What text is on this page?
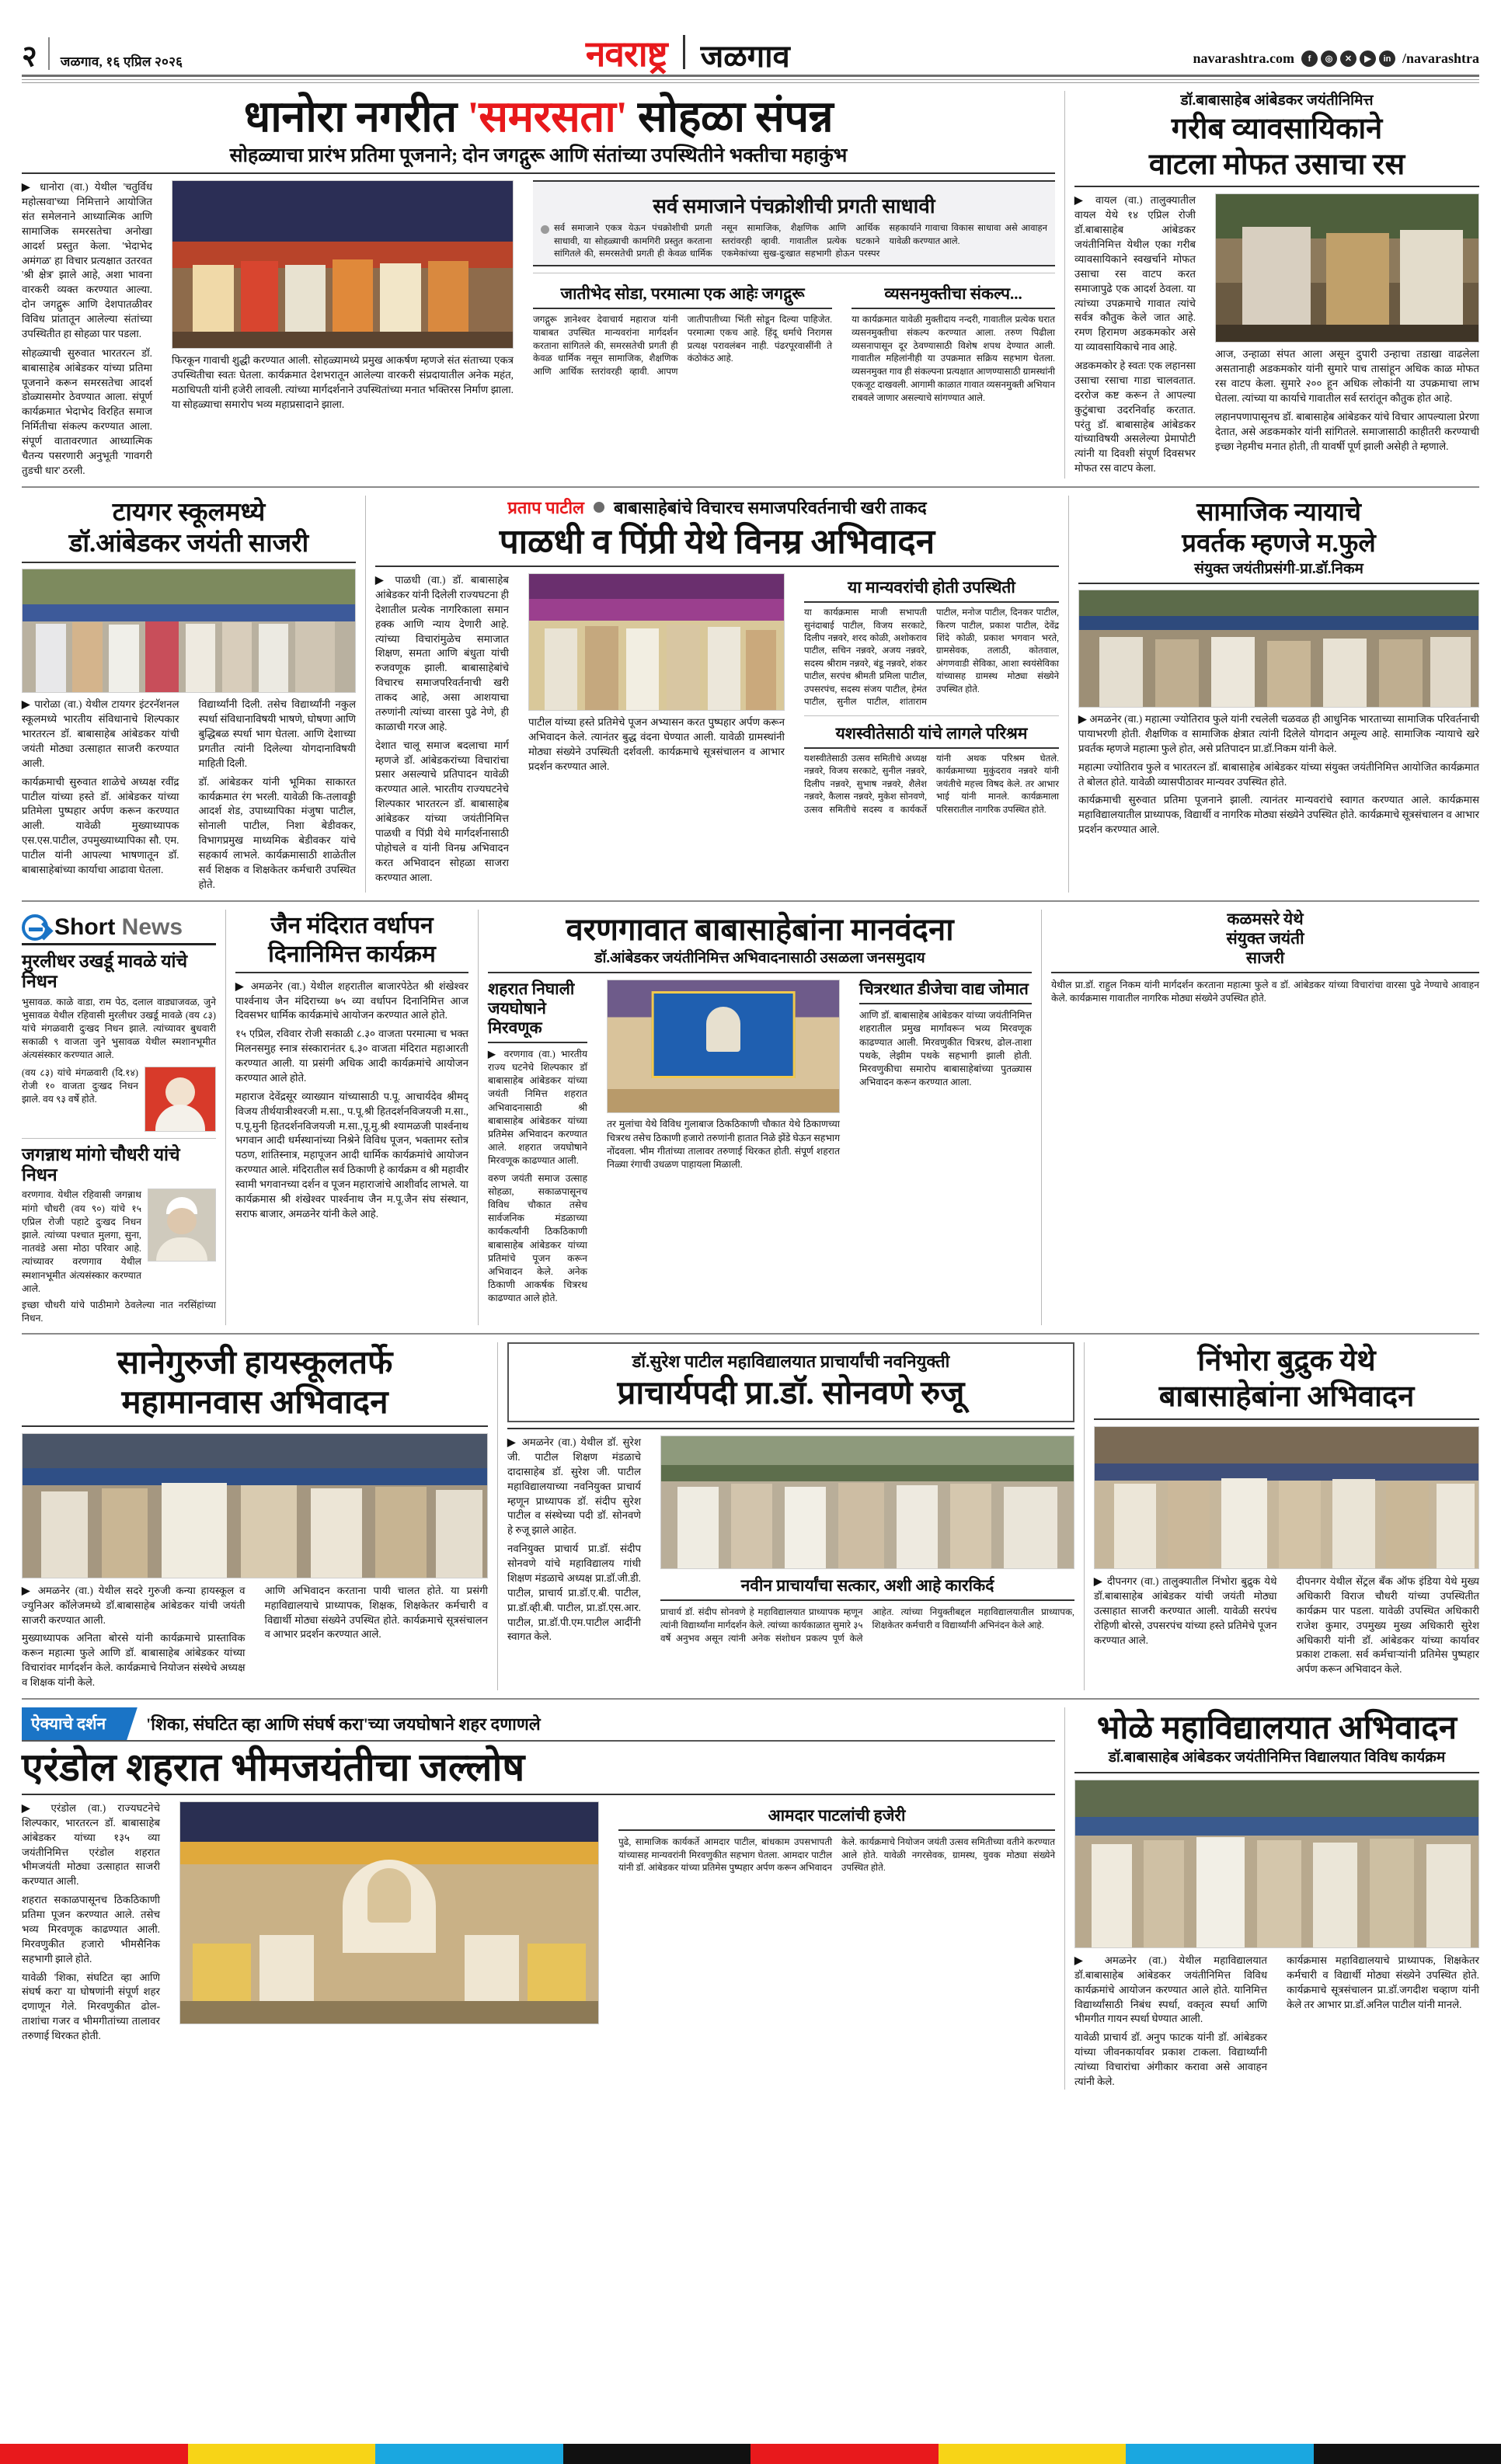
२ जळगाव, १६ एप्रिल २०२६	नवराष्ट्र जळगाव	navarashtra.com	f	◎	✕	▶	in /navarashtra
धानोरा नगरीत 'समरसता' सोहळा संपन्न
सोहळ्याचा प्रारंभ प्रतिमा पूजनाने; दोन जगद्गुरू आणि संतांच्या उपस्थितीने भक्तीचा महाकुंभ
▶ धानोरा (वा.) येथील 'चतुर्विध महोत्सवा'च्या निमित्ताने आयोजित संत समेलनाने आध्यात्मिक आणि सामाजिक समरसतेचा अनोखा आदर्श प्रस्तुत केला. 'भेदाभेद अमंगळ' हा विचार प्रत्यक्षात उतरवत 'श्री क्षेत्र' झाले आहे, अशा भावना वारकरी व्यक्त करण्यात आल्या. दोन जगद्गुरू आणि देशपातळीवर विविध प्रांतातून आलेल्या संतांच्या उपस्थितीत हा सोहळा पार पडला.
सोहळ्याची सुरुवात भारतरत्न डॉ. बाबासाहेब आंबेडकर यांच्या प्रतिमा पूजनाने करून समरसतेचा आदर्श डोळ्यासमोर ठेवण्यात आला. संपूर्ण कार्यक्रमात भेदाभेद विरहित समाज निर्मितीचा संकल्प करण्यात आला. संपूर्ण वातावरणात आध्यात्मिक चैतन्य पसरणारी अनुभूती 'गावगरी तुडची धार' ठरली.
फिरकून गावाची शुद्धी करण्यात आली. सोहळ्यामध्ये प्रमुख आकर्षण म्हणजे संत संताच्या एकत्र उपस्थितीचा स्वतः घेतला. कार्यक्रमात देशभरातून आलेल्या वारकरी संप्रदायातील अनेक महंत, मठाधिपती यांनी हजेरी लावली. त्यांच्या मार्गदर्शनाने उपस्थितांच्या मनात भक्तिरस निर्माण झाला. या सोहळ्याचा समारोप भव्य महाप्रसादाने झाला.
सर्व समाजाने पंचक्रोशीची प्रगती साधावी
सर्व समाजाने एकत्र येऊन पंचक्रोशीची प्रगती साधावी, या सोहळ्याची कामगिरी प्रस्तुत करताना सांगितले की, समरसतेची प्रगती ही केवळ धार्मिक नसून सामाजिक, शैक्षणिक आणि आर्थिक स्तरांवरही व्हावी. गावातील प्रत्येक घटकाने एकमेकांच्या सुख-दुःखात सहभागी होऊन परस्पर सहकार्याने गावाचा विकास साधावा असे आवाहन यावेळी करण्यात आले.
जातीभेद सोडा, परमात्मा एक आहेः जगद्गुरू
जगद्गुरू ज्ञानेश्वर देवाचार्य महाराज यांनी याबाबत उपस्थित मान्यवरांना मार्गदर्शन करताना सांगितले की, समरसतेची प्रगती ही केवळ धार्मिक नसून सामाजिक, शैक्षणिक आणि आर्थिक स्तरांवरही व्हावी. आपण जातीपातीच्या भिंती सोडून दिल्या पाहिजेत. परमात्मा एकच आहे. हिंदू धर्माचे निरागस प्रत्यक्ष परावलंबन नाही. पंढरपूरवासींनी ते कंठोकंठ आहे.
व्यसनमुक्तीचा संकल्प...
या कार्यक्रमात यावेळी मुक्तीदाय नन्दरी, गावातील प्रत्येक घरात व्यसनमुक्तीचा संकल्प करण्यात आला. तरुण पिढीला व्यसनापासून दूर ठेवण्यासाठी विशेष शपथ देण्यात आली. गावातील महिलांनीही या उपक्रमात सक्रिय सहभाग घेतला. व्यसनमुक्त गाव ही संकल्पना प्रत्यक्षात आणण्यासाठी ग्रामस्थांनी एकजूट दाखवली. आगामी काळात गावात व्यसनमुक्ती अभियान राबवले जाणार असल्याचे सांगण्यात आले.
डॉ.बाबासाहेब आंबेडकर जयंतीनिमित्त
गरीब व्यावसायिकाने
वाटला मोफत उसाचा रस
▶ वायल (वा.) तालुक्यातील वायल येथे १४ एप्रिल रोजी डॉ.बाबासाहेब आंबेडकर जयंतीनिमित्त येथील एका गरीब व्यावसायिकाने स्वखर्चाने मोफत उसाचा रस वाटप करत समाजापुढे एक आदर्श ठेवला. या त्यांच्या उपक्रमाचे गावात त्यांचे सर्वत्र कौतुक केले जात आहे. रमण हिरामण अडकमकोर असे या व्यावसायिकाचे नाव आहे.
अडकमकोर हे स्वतः एक लहानसा उसाचा रसाचा गाडा चालवतात. दररोज कष्ट करून ते आपल्या कुटुंबाचा उदरनिर्वाह करतात. परंतु डॉ. बाबासाहेब आंबेडकर यांच्याविषयी असलेल्या प्रेमापोटी त्यांनी या दिवशी संपूर्ण दिवसभर मोफत रस वाटप केला.
आज, उन्हाळा संपत आला असून दुपारी उन्हाचा तडाखा वाढलेला असतानाही अडकमकोर यांनी सुमारे पाच तासांहून अधिक काळ मोफत रस वाटप केला. सुमारे २०० हून अधिक लोकांनी या उपक्रमाचा लाभ घेतला. त्यांच्या या कार्याचे गावातील सर्व स्तरांतून कौतुक होत आहे.
लहानपणापासूनच डॉ. बाबासाहेब आंबेडकर यांचे विचार आपल्याला प्रेरणा देतात, असे अडकमकोर यांनी सांगितले. समाजासाठी काहीतरी करण्याची इच्छा नेहमीच मनात होती, ती यावर्षी पूर्ण झाली असेही ते म्हणाले.
टायगर स्कूलमध्ये
डॉ.आंबेडकर जयंती साजरी
▶ पारोळा (वा.) येथील टायगर इंटरनॅशनल स्कूलमध्ये भारतीय संविधानाचे शिल्पकार भारतरत्न डॉ. बाबासाहेब आंबेडकर यांची जयंती मोठ्या उत्साहात साजरी करण्यात आली.
कार्यक्रमाची सुरुवात शाळेचे अध्यक्ष रवींद्र पाटील यांच्या हस्ते डॉ. आंबेडकर यांच्या प्रतिमेला पुष्पहार अर्पण करून करण्यात आली. यावेळी मुख्याध्यापक एस.एस.पाटील, उपमुख्याध्यापिका सौ. एम. पाटील यांनी आपल्या भाषणातून डॉ. बाबासाहेबांच्या कार्याचा आढावा घेतला.
विद्यार्थ्यांनी दिली. तसेच विद्यार्थ्यांनी नकुल स्पर्धा संविधानाविषयी भाषणे, घोषणा आणि बुद्धिबळ स्पर्धा भाग घेतला. आणि देशाच्या प्रगतीत त्यांनी दिलेल्या योगदानाविषयी माहिती दिली.
डॉ. आंबेडकर यांनी भूमिका साकारत कार्यक्रमात रंग भरली. यावेळी कि-तलावड्डी आदर्श शेड, उपाध्यापिका मंजुषा पाटील, सोनाली पाटील, निशा बेडीवकर, विभागप्रमुख माध्यमिक बेडीवकर यांचे सहकार्य लाभले. कार्यक्रमासाठी शाळेतील सर्व शिक्षक व शिक्षकेतर कर्मचारी उपस्थित होते.
प्रताप पाटील बाबासाहेबांचे विचारच समाजपरिवर्तनाची खरी ताकद
पाळधी व पिंप्री येथे विनम्र अभिवादन
▶ पाळधी (वा.) डॉ. बाबासाहेब आंबेडकर यांनी दिलेली राज्यघटना ही देशातील प्रत्येक नागरिकाला समान हक्क आणि न्याय देणारी आहे. त्यांच्या विचारांमुळेच समाजात शिक्षण, समता आणि बंधुता यांची रुजवणूक झाली. बाबासाहेबांचे विचारच समाजपरिवर्तनाची खरी ताकद आहे, असा आशयाचा तरुणांनी त्यांच्या वारसा पुढे नेणे, ही काळाची गरज आहे.
देशात चालू समाज बदलाचा मार्ग म्हणजे डॉ. आंबेडकरांच्या विचारांचा प्रसार असल्याचे प्रतिपादन यावेळी करण्यात आले. भारतीय राज्यघटनेचे शिल्पकार भारतरत्न डॉ. बाबासाहेब आंबेडकर यांच्या जयंतीनिमित्त पाळधी व पिंप्री येथे मार्गदर्शनासाठी पोहोचले व यांनी विनम्र अभिवादन करत अभिवादन सोहळा साजरा करण्यात आला.
पाटील यांच्या हस्ते प्रतिमेचे पूजन अभ्यासन करत पुष्पहार अर्पण करून अभिवादन केले. त्यानंतर बुद्ध वंदना घेण्यात आली. यावेळी ग्रामस्थांनी मोठ्या संख्येने उपस्थिती दर्शवली. कार्यक्रमाचे सूत्रसंचालन व आभार प्रदर्शन करण्यात आले.
या मान्यवरांची होती उपस्थिती
या कार्यक्रमास माजी सभापती सुनंदाबाई पाटील, विजय सरकाटे, दिलीप नन्नवरे, शरद कोळी, अशोकराव पाटील, सचिन नन्नवरे, अजय नन्नवरे, सदस्य श्रीराम नन्नवरे, बंडू नन्नवरे, शंकर पाटील, सरपंच श्रीमती प्रमिला पाटील, उपसरपंच, सदस्य संजय पाटील, हेमंत पाटील, सुनील पाटील, शांताराम पाटील, मनोज पाटील, दिनकर पाटील, किरण पाटील, प्रकाश पाटील, देवेंद्र शिंदे कोळी, प्रकाश भगवान भरते, ग्रामसेवक, तलाठी, कोतवाल, अंगणवाडी सेविका, आशा स्वयंसेविका यांच्यासह ग्रामस्थ मोठ्या संख्येने उपस्थित होते.
यशस्वीतेसाठी यांचे लागले परिश्रम
यशस्वीतेसाठी उत्सव समितीचे अध्यक्ष नन्नवरे, विजय सरकाटे, सुनील नन्नवरे, दिलीप नन्नवरे, सुभाष नन्नवरे, शैलेश नन्नवरे, कैलास नन्नवरे, मुकेश सोनवणे, उत्सव समितीचे सदस्य व कार्यकर्ते यांनी अथक परिश्रम घेतले. कार्यक्रमाच्या मुकुंदराव नन्नवरे यांनी जयंतीचे महत्त्व विषद केले. तर आभार भाई यांनी मानले. कार्यक्रमाला परिसरातील नागरिक उपस्थित होते.
सामाजिक न्यायाचे
प्रवर्तक म्हणजे म.फुले
संयुक्त जयंतीप्रसंगी-प्रा.डॉ.निकम
▶ अमळनेर (वा.) महात्मा ज्योतिराव फुले यांनी रचलेली चळवळ ही आधुनिक भारताच्या सामाजिक परिवर्तनाची पायाभरणी होती. शैक्षणिक व सामाजिक क्षेत्रात त्यांनी दिलेले योगदान अमूल्य आहे. सामाजिक न्यायाचे खरे प्रवर्तक म्हणजे महात्मा फुले होत, असे प्रतिपादन प्रा.डॉ.निकम यांनी केले.
महात्मा ज्योतिराव फुले व भारतरत्न डॉ. बाबासाहेब आंबेडकर यांच्या संयुक्त जयंतीनिमित्त आयोजित कार्यक्रमात ते बोलत होते. यावेळी व्यासपीठावर मान्यवर उपस्थित होते.
कार्यक्रमाची सुरुवात प्रतिमा पूजनाने झाली. त्यानंतर मान्यवरांचे स्वागत करण्यात आले. कार्यक्रमास महाविद्यालयातील प्राध्यापक, विद्यार्थी व नागरिक मोठ्या संख्येने उपस्थित होते. कार्यक्रमाचे सूत्रसंचालन व आभार प्रदर्शन करण्यात आले.
Short News
मुरलीधर उखर्डू मावळे यांचे निधन
भुसावळ. काळे वाडा, राम पेठ, दलाल वाड्याजवळ, जुने भुसावळ येथील रहिवासी मुरलीधर उखर्डू मावळे (वय ८३) यांचे मंगळवारी दुःखद निधन झाले. त्यांच्यावर बुधवारी सकाळी ९ वाजता जुने भुसावळ येथील स्मशानभूमीत अंत्यसंस्कार करण्यात आले.
(वय ८३) यांचे मंगळवारी (दि.१४) रोजी १० वाजता दुःखद निधन झाले. वय ९३ वर्षे होते.
जगन्नाथ मांगो चौधरी यांचे निधन
वरणगाव. येथील रहिवासी जगन्नाथ मांगो चौधरी (वय ९०) यांचे १५ एप्रिल रोजी पहाटे दुःखद निधन झाले. त्यांच्या पश्चात मुलगा, सुना, नातवंडे असा मोठा परिवार आहे. त्यांच्यावर वरणगाव येथील स्मशानभूमीत अंत्यसंस्कार करण्यात आले.
इच्छा चौधरी यांचे पाठीमागे ठेवलेल्या नात नरसिंहांच्या निधन.
जैन मंदिरात वर्धापन
दिनानिमित्त कार्यक्रम
▶ अमळनेर (वा.) येथील शहरातील बाजारपेठेत श्री शंखेश्वर पार्श्वनाथ जैन मंदिराच्या ७५ व्या वर्धापन दिनानिमित्त आज दिवसभर धार्मिक कार्यक्रमांचे आयोजन करण्यात आले होते.
१५ एप्रिल, रविवार रोजी सकाळी ८.३० वाजता परमात्मा च भक्त मिलनसमुह स्नात्र संस्कारानंतर ६.३० वाजता मंदिरात महाआरती करण्यात आली. या प्रसंगी अधिक आदी कार्यक्रमांचे आयोजन करण्यात आले होते.
महाराज देवेंद्रसूर व्याख्यान यांच्यासाठी प.पू. आचार्यदेव श्रीमद् विजय तीर्थयात्रीश्वरजी म.सा., प.पू.श्री हितदर्शनविजयजी म.सा., प.पू.मुनी हितदर्शनविजयजी म.सा.,पू.मु.श्री श्यामळजी पार्श्वनाथ भगवान आदी धर्मस्थानांच्या निश्रेने विविध पूजन, भक्तामर स्तोत्र पठण, शांतिस्नात्र, महापूजन आदी धार्मिक कार्यक्रमांचे आयोजन करण्यात आले. मंदिरातील सर्व ठिकाणी हे कार्यक्रम व श्री महावीर स्वामी भगवानच्या दर्शन व पूजन महाराजांचे आशीर्वाद लाभले. या कार्यक्रमास श्री शंखेश्वर पार्श्वनाथ जैन म.पू.जैन संघ संस्थान, सराफ बाजार, अमळनेर यांनी केले आहे.
वरणगावात बाबासाहेबांना मानवंदना
डॉ.आंबेडकर जयंतीनिमित्त अभिवादनासाठी उसळला जनसमुदाय
शहरात निघाली जयघोषाने मिरवणूक
▶ वरणगाव (वा.) भारतीय राज्य घटनेचे शिल्पकार डॉ बाबासाहेब आंबेडकर यांच्या जयंती निमित्त शहरात अभिवादनासाठी श्री बाबासाहेब आंबेडकर यांच्या प्रतिमेस अभिवादन करण्यात आले. शहरात जयघोषाने मिरवणूक काढण्यात आली.
वरुण जयंती समाज उत्साह सोहळा, सकाळपासूनच विविध चौकात तसेच सार्वजनिक मंडळाच्या कार्यकर्त्यांनी ठिकठिकाणी बाबासाहेब आंबेडकर यांच्या प्रतिमांचे पूजन करून अभिवादन केले. अनेक ठिकाणी आकर्षक चित्ररथ काढण्यात आले होते.
तर मुलांचा येथे विविध गुलाबाज ठिकठिकाणी चौकात येथे ठिकाणच्या चित्ररथ तसेच ठिकाणी हजारो तरुणांनी हातात निळे झेंडे घेऊन सहभाग नोंदवला. भीम गीतांच्या तालावर तरुणाई थिरकत होती. संपूर्ण शहरात निळ्या रंगाची उधळण पाहायला मिळाली.
चित्ररथात डीजेचा वाद्य जोमात
आणि डॉ. बाबासाहेब आंबेडकर यांच्या जयंतीनिमित्त शहरातील प्रमुख मार्गांवरून भव्य मिरवणूक काढण्यात आली. मिरवणुकीत चित्ररथ, ढोल-ताशा पथके, लेझीम पथके सहभागी झाली होती. मिरवणुकीचा समारोप बाबासाहेबांच्या पुतळ्यास अभिवादन करून करण्यात आला.
कळमसरे येथे
संयुक्त जयंती
साजरी
येथील प्रा.डॉ. राहुल निकम यांनी मार्गदर्शन करताना महात्मा फुले व डॉ. आंबेडकर यांच्या विचारांचा वारसा पुढे नेण्याचे आवाहन केले. कार्यक्रमास गावातील नागरिक मोठ्या संख्येने उपस्थित होते.
सानेगुरुजी हायस्कूलतर्फे
महामानवास अभिवादन
▶ अमळनेर (वा.) येथील सदरे गुरुजी कन्या हायस्कूल व ज्युनिअर कॉलेजमध्ये डॉ.बाबासाहेब आंबेडकर यांची जयंती साजरी करण्यात आली.
मुख्याध्यापक अनिता बोरसे यांनी कार्यक्रमाचे प्रास्ताविक करून महात्मा फुले आणि डॉ. बाबासाहेब आंबेडकर यांच्या विचारांवर मार्गदर्शन केले. कार्यक्रमाचे नियोजन संस्थेचे अध्यक्ष व शिक्षक यांनी केले.
आणि अभिवादन करताना पायी चालत होते. या प्रसंगी महाविद्यालयाचे प्राध्यापक, शिक्षक, शिक्षकेतर कर्मचारी व विद्यार्थी मोठ्या संख्येने उपस्थित होते. कार्यक्रमाचे सूत्रसंचालन व आभार प्रदर्शन करण्यात आले.
डॉ.सुरेश पाटील महाविद्यालयात प्राचार्यांची नवनियुक्ती
प्राचार्यपदी प्रा.डॉ. सोनवणे रुजू
▶ अमळनेर (वा.) येथील डॉ. सुरेश जी. पाटील शिक्षण मंडळाचे दादासाहेब डॉ. सुरेश जी. पाटील महाविद्यालयाच्या नवनियुक्त प्राचार्य म्हणून प्राध्यापक डॉ. संदीप सुरेश पाटील व संस्थेच्या पदी डॉ. सोनवणे हे रुजू झाले आहेत.
नवनियुक्त प्राचार्य प्रा.डॉ. संदीप सोनवणे यांचे महाविद्यालय गांधी शिक्षण मंडळाचे अध्यक्ष प्रा.डॉ.जी.डी. पाटील, प्राचार्य प्रा.डॉ.ए.बी. पाटील, प्रा.डॉ.व्ही.बी. पाटील, प्रा.डॉ.एस.आर. पाटील, प्रा.डॉ.पी.एम.पाटील आदींनी स्वागत केले.
नवीन प्राचार्यांचा सत्कार, अशी आहे कारकिर्द
प्राचार्य डॉ. संदीप सोनवणे हे महाविद्यालयात प्राध्यापक म्हणून त्यांनी विद्यार्थ्यांना मार्गदर्शन केले. त्यांच्या कार्यकाळात सुमारे ३५ वर्षे अनुभव असून त्यांनी अनेक संशोधन प्रकल्प पूर्ण केले आहेत. त्यांच्या नियुक्तीबद्दल महाविद्यालयातील प्राध्यापक, शिक्षकेतर कर्मचारी व विद्यार्थ्यांनी अभिनंदन केले आहे.
निंभोरा बुद्रुक येथे
बाबासाहेबांना अभिवादन
▶ दीपनगर (वा.) तालुक्यातील निंभोरा बुद्रुक येथे डॉ.बाबासाहेब आंबेडकर यांची जयंती मोठ्या उत्साहात साजरी करण्यात आली. यावेळी सरपंच रोहिणी बोरसे, उपसरपंच यांच्या हस्ते प्रतिमेचे पूजन करण्यात आले.
दीपनगर येथील सेंट्रल बँक ऑफ इंडिया येथे मुख्य अधिकारी विराज चौधरी यांच्या उपस्थितीत कार्यक्रम पार पडला. यावेळी उपस्थित अधिकारी राजेश कुमार, उपमुख्य मुख्य अधिकारी सुरेश अधिकारी यांनी डॉ. आंबेडकर यांच्या कार्यावर प्रकाश टाकला. सर्व कर्मचाऱ्यांनी प्रतिमेस पुष्पहार अर्पण करून अभिवादन केले.
ऐक्याचे दर्शन	'शिका, संघटित व्हा आणि संघर्ष करा'च्या जयघोषाने शहर दणाणले
एरंडोल शहरात भीमजयंतीचा जल्लोष
▶ एरंडोल (वा.) राज्यघटनेचे शिल्पकार, भारतरत्न डॉ. बाबासाहेब आंबेडकर यांच्या १३५ व्या जयंतीनिमित्त एरंडोल शहरात भीमजयंती मोठ्या उत्साहात साजरी करण्यात आली.
शहरात सकाळपासूनच ठिकठिकाणी प्रतिमा पूजन करण्यात आले. तसेच भव्य मिरवणूक काढण्यात आली. मिरवणुकीत हजारो भीमसैनिक सहभागी झाले होते.
यावेळी 'शिका, संघटित व्हा आणि संघर्ष करा' या घोषणांनी संपूर्ण शहर दणाणून गेले. मिरवणुकीत ढोल-ताशांचा गजर व भीमगीतांच्या तालावर तरुणाई थिरकत होती.
आमदार पाटलांची हजेरी
पुढे, सामाजिक कार्यकर्ते आमदार पाटील, बांधकाम उपसभापती यांच्यासह मान्यवरांनी मिरवणुकीत सहभाग घेतला. आमदार पाटील यांनी डॉ. आंबेडकर यांच्या प्रतिमेस पुष्पहार अर्पण करून अभिवादन केले. कार्यक्रमाचे नियोजन जयंती उत्सव समितीच्या वतीने करण्यात आले होते. यावेळी नगरसेवक, ग्रामस्थ, युवक मोठ्या संख्येने उपस्थित होते.
भोळे महाविद्यालयात अभिवादन
डॉ.बाबासाहेब आंबेडकर जयंतीनिमित्त विद्यालयात विविध कार्यक्रम
▶ अमळनेर (वा.) येथील महाविद्यालयात डॉ.बाबासाहेब आंबेडकर जयंतीनिमित्त विविध कार्यक्रमांचे आयोजन करण्यात आले होते. यानिमित्त विद्यार्थ्यांसाठी निबंध स्पर्धा, वक्तृत्व स्पर्धा आणि भीमगीत गायन स्पर्धा घेण्यात आली.
यावेळी प्राचार्य डॉ. अनुप फाटक यांनी डॉ. आंबेडकर यांच्या जीवनकार्यावर प्रकाश टाकला. विद्यार्थ्यांनी त्यांच्या विचारांचा अंगीकार करावा असे आवाहन त्यांनी केले.
कार्यक्रमास महाविद्यालयाचे प्राध्यापक, शिक्षकेतर कर्मचारी व विद्यार्थी मोठ्या संख्येने उपस्थित होते. कार्यक्रमाचे सूत्रसंचालन प्रा.डॉ.जगदीश चव्हाण यांनी केले तर आभार प्रा.डॉ.अनिल पाटील यांनी मानले.
